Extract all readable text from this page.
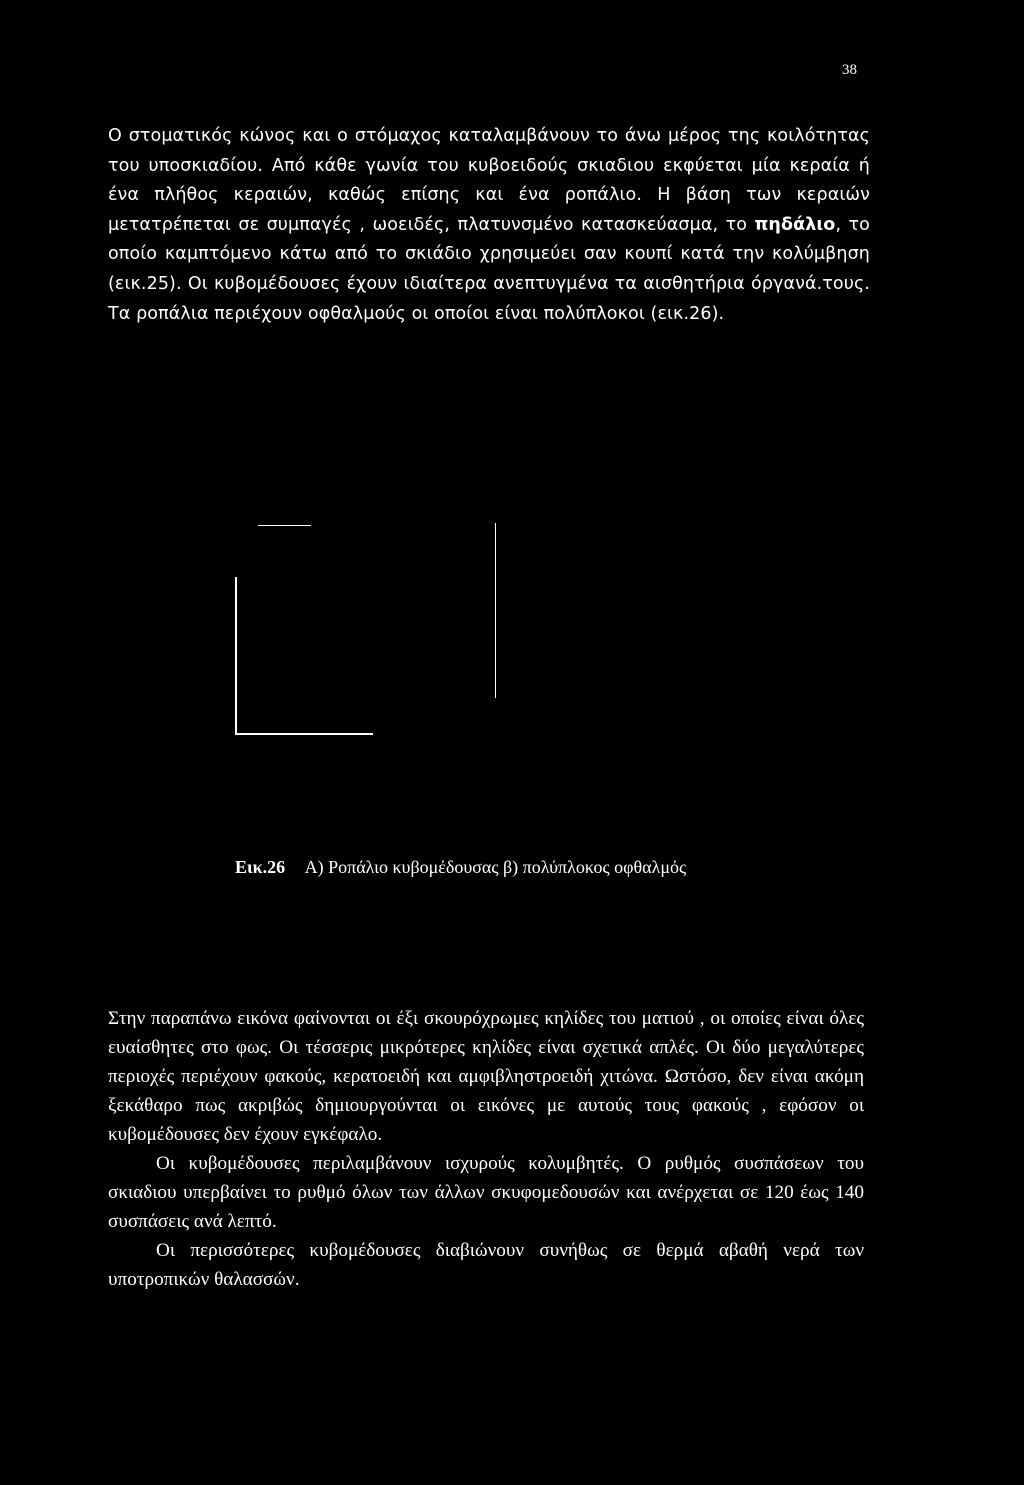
38

Ο στοματικός κώνος και ο στόμαχος καταλαμβάνουν το άνω μέρος της κοιλότητας του υποσκιαδίου. Από κάθε γωνία του κυβοειδούς σκιαδιου εκφύεται μία κεραία ή ένα πλήθος κεραιών, καθώς επίσης και ένα ροπάλιο. Η βάση των κεραιών μετατρέπεται σε συμπαγές , ωοειδές, πλατυνσμένο κατασκεύασμα, το πηδάλιο, το οποίο καμπτόμενο κάτω από το σκιάδιο χρησιμεύει σαν κουπί κατά την κολύμβηση (εικ.25). Οι κυβομέδουσες έχουν ιδιαίτερα ανεπτυγμένα τα αισθητήρια όργανά.τους. Τα ροπάλια περιέχουν οφθαλμούς οι οποίοι είναι πολύπλοκοι (εικ.26).

Εικ.26 Α) Ροπάλιο κυβομέδουσας β) πολύπλοκος οφθαλμός

Στην παραπάνω εικόνα φαίνονται οι έξι σκουρόχρωμες κηλίδες του ματιού , οι οποίες είναι όλες ευαίσθητες στο φως. Οι τέσσερις μικρότερες κηλίδες είναι σχετικά απλές. Οι δύο μεγαλύτερες περιοχές περιέχουν φακούς, κερατοειδή και αμφιβληστροειδή χιτώνα. Ωστόσο, δεν είναι ακόμη ξεκάθαρο πως ακριβώς δημιουργούνται οι εικόνες με αυτούς τους φακούς , εφόσον οι κυβομέδουσες δεν έχουν εγκέφαλο.

Οι κυβομέδουσες περιλαμβάνουν ισχυρούς κολυμβητές. Ο ρυθμός συσπάσεων του σκιαδιου υπερβαίνει το ρυθμό όλων των άλλων σκυφομεδουσών και ανέρχεται σε 120 έως 140 συσπάσεις ανά λεπτό.

Οι περισσότερες κυβομέδουσες διαβιώνουν συνήθως σε θερμά αβαθή νερά των υποτροπικών θαλασσών.
